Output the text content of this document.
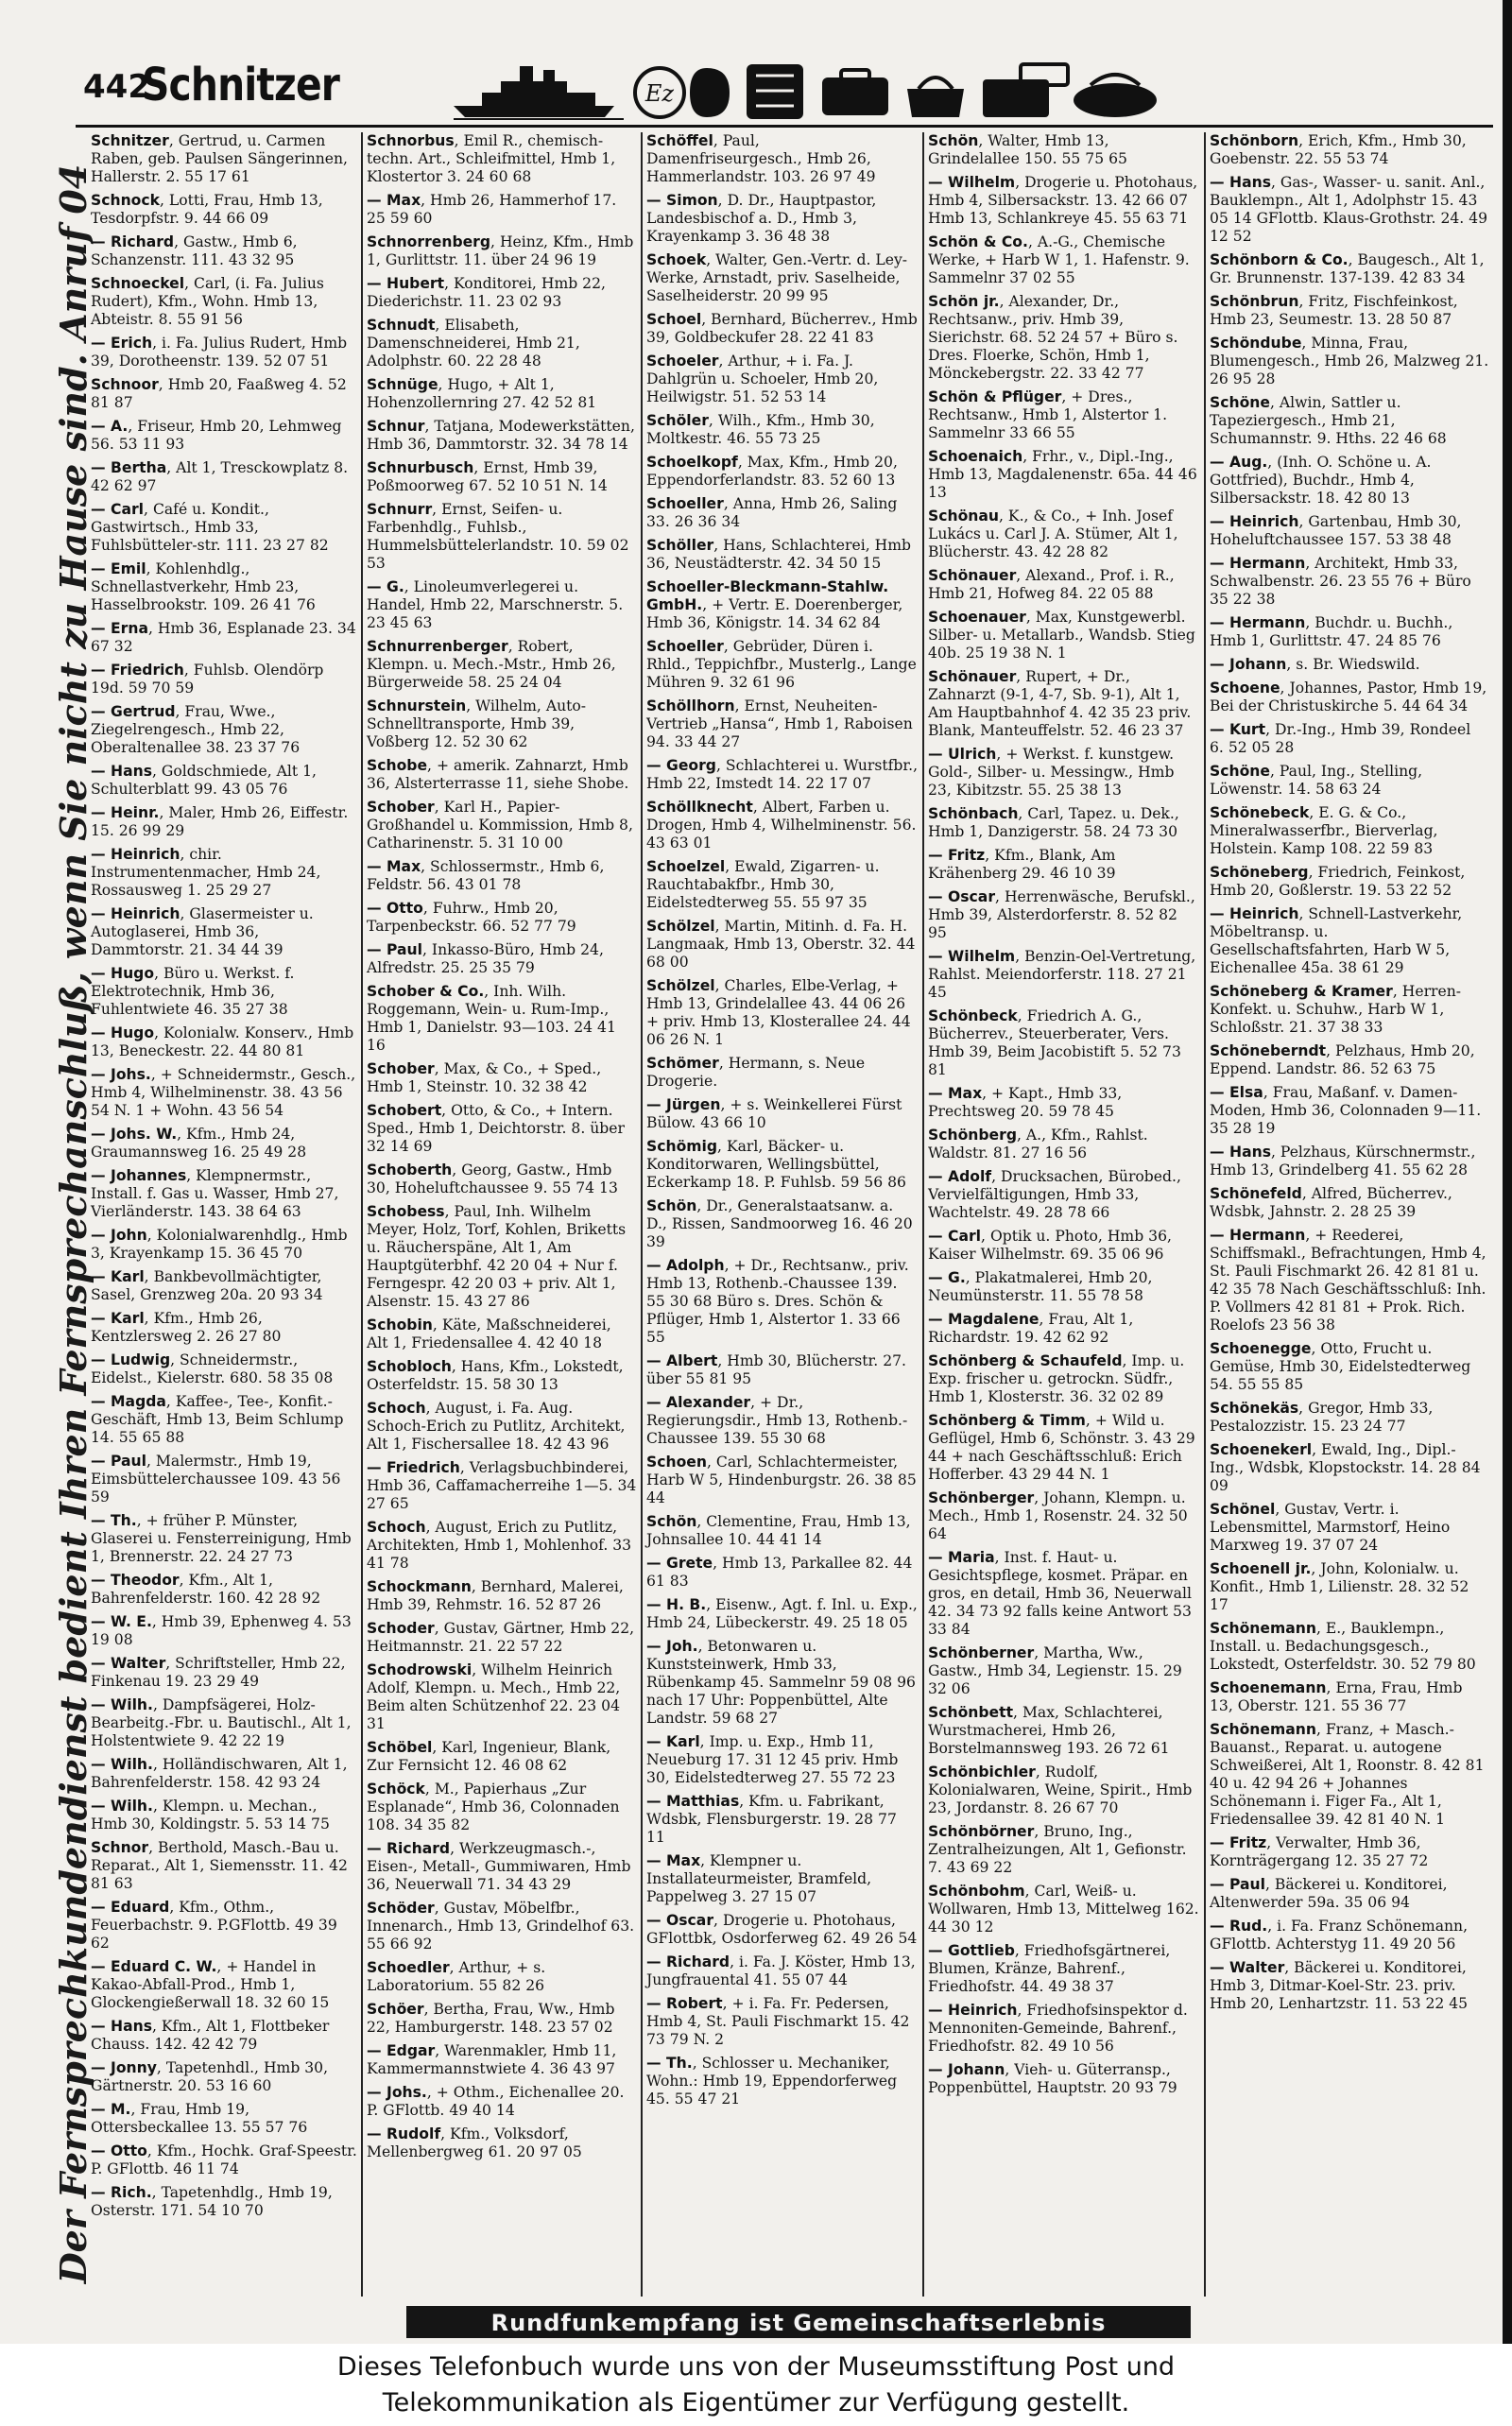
442
Schnitzer	Ez
Der Fernsprechkundendienst bedient Ihren Fernsprechanschluß, wenn Sie nicht zu Hause sind. Anruf 04
Schnitzer, Gertrud, u. Carmen Raben, geb. Paulsen Sängerinnen, Hallerstr. 2. 55 17 61
Schnock, Lotti, Frau, Hmb 13, Tesdorpfstr. 9. 44 66 09
— Richard, Gastw., Hmb 6, Schanzenstr. 111. 43 32 95
Schnoeckel, Carl, (i. Fa. Julius Rudert), Kfm., Wohn. Hmb 13, Abteistr. 8. 55 91 56
— Erich, i. Fa. Julius Rudert, Hmb 39, Dorotheenstr. 139. 52 07 51
Schnoor, Hmb 20, Faaßweg 4. 52 81 87
— A., Friseur, Hmb 20, Lehmweg 56. 53 11 93
— Bertha, Alt 1, Tresckowplatz 8. 42 62 97
— Carl, Café u. Kondit., Gastwirtsch., Hmb 33, Fuhlsbütteler-str. 111. 23 27 82
— Emil, Kohlenhdlg., Schnellastverkehr, Hmb 23, Hasselbrookstr. 109. 26 41 76
— Erna, Hmb 36, Esplanade 23. 34 67 32
— Friedrich, Fuhlsb. Olendörp 19d. 59 70 59
— Gertrud, Frau, Wwe., Ziegelrengesch., Hmb 22, Oberaltenallee 38. 23 37 76
— Hans, Goldschmiede, Alt 1, Schulterblatt 99. 43 05 76
— Heinr., Maler, Hmb 26, Eiffestr. 15. 26 99 29
— Heinrich, chir. Instrumentenmacher, Hmb 24, Rossausweg 1. 25 29 27
— Heinrich, Glasermeister u. Autoglaserei, Hmb 36, Dammtorstr. 21. 34 44 39
— Hugo, Büro u. Werkst. f. Elektrotechnik, Hmb 36, Fuhlentwiete 46. 35 27 38
— Hugo, Kolonialw. Konserv., Hmb 13, Beneckestr. 22. 44 80 81
— Johs., + Schneidermstr., Gesch., Hmb 4, Wilhelminenstr. 38. 43 56 54 N. 1 + Wohn. 43 56 54
— Johs. W., Kfm., Hmb 24, Graumannsweg 16. 25 49 28
— Johannes, Klempnermstr., Install. f. Gas u. Wasser, Hmb 27, Vierländerstr. 143. 38 64 63
— John, Kolonialwarenhdlg., Hmb 3, Krayenkamp 15. 36 45 70
— Karl, Bankbevollmächtigter, Sasel, Grenzweg 20a. 20 93 34
— Karl, Kfm., Hmb 26, Kentzlersweg 2. 26 27 80
— Ludwig, Schneidermstr., Eidelst., Kielerstr. 680. 58 35 08
— Magda, Kaffee-, Tee-, Konfit.-Geschäft, Hmb 13, Beim Schlump 14. 55 65 88
— Paul, Malermstr., Hmb 19, Eimsbüttelerchaussee 109. 43 56 59
— Th., + früher P. Münster, Glaserei u. Fensterreinigung, Hmb 1, Brennerstr. 22. 24 27 73
— Theodor, Kfm., Alt 1, Bahrenfelderstr. 160. 42 28 92
— W. E., Hmb 39, Ephenweg 4. 53 19 08
— Walter, Schriftsteller, Hmb 22, Finkenau 19. 23 29 49
— Wilh., Dampfsägerei, Holz-Bearbeitg.-Fbr. u. Bautischl., Alt 1, Holstentwiete 9. 42 22 19
— Wilh., Holländischwaren, Alt 1, Bahrenfelderstr. 158. 42 93 24
— Wilh., Klempn. u. Mechan., Hmb 30, Koldingstr. 5. 53 14 75
Schnor, Berthold, Masch.-Bau u. Reparat., Alt 1, Siemensstr. 11. 42 81 63
— Eduard, Kfm., Othm., Feuerbachstr. 9. P.GFlottb. 49 39 62
— Eduard C. W., + Handel in Kakao-Abfall-Prod., Hmb 1, Glockengießerwall 18. 32 60 15
— Hans, Kfm., Alt 1, Flottbeker Chauss. 142. 42 42 79
— Jonny, Tapetenhdl., Hmb 30, Gärtnerstr. 20. 53 16 60
— M., Frau, Hmb 19, Ottersbeckallee 13. 55 57 76
— Otto, Kfm., Hochk. Graf-Speestr. P. GFlottb. 46 11 74
— Rich., Tapetenhdlg., Hmb 19, Osterstr. 171. 54 10 70
Schnorbus, Emil R., chemisch-techn. Art., Schleifmittel, Hmb 1, Klostertor 3. 24 60 68
— Max, Hmb 26, Hammerhof 17. 25 59 60
Schnorrenberg, Heinz, Kfm., Hmb 1, Gurlittstr. 11. über 24 96 19
— Hubert, Konditorei, Hmb 22, Diederichstr. 11. 23 02 93
Schnudt, Elisabeth, Damenschneiderei, Hmb 21, Adolphstr. 60. 22 28 48
Schnüge, Hugo, + Alt 1, Hohenzollernring 27. 42 52 81
Schnur, Tatjana, Modewerkstätten, Hmb 36, Dammtorstr. 32. 34 78 14
Schnurbusch, Ernst, Hmb 39, Poßmoorweg 67. 52 10 51 N. 14
Schnurr, Ernst, Seifen- u. Farbenhdlg., Fuhlsb., Hummelsbüttelerlandstr. 10. 59 02 53
— G., Linoleumverlegerei u. Handel, Hmb 22, Marschnerstr. 5. 23 45 63
Schnurrenberger, Robert, Klempn. u. Mech.-Mstr., Hmb 26, Bürgerweide 58. 25 24 04
Schnurstein, Wilhelm, Auto-Schnelltransporte, Hmb 39, Voßberg 12. 52 30 62
Schobe, + amerik. Zahnarzt, Hmb 36, Alsterterrasse 11, siehe Shobe.
Schober, Karl H., Papier-Großhandel u. Kommission, Hmb 8, Catharinenstr. 5. 31 10 00
— Max, Schlossermstr., Hmb 6, Feldstr. 56. 43 01 78
— Otto, Fuhrw., Hmb 20, Tarpenbeckstr. 66. 52 77 79
— Paul, Inkasso-Büro, Hmb 24, Alfredstr. 25. 25 35 79
Schober & Co., Inh. Wilh. Roggemann, Wein- u. Rum-Imp., Hmb 1, Danielstr. 93—103. 24 41 16
Schober, Max, & Co., + Sped., Hmb 1, Steinstr. 10. 32 38 42
Schobert, Otto, & Co., + Intern. Sped., Hmb 1, Deichtorstr. 8. über 32 14 69
Schoberth, Georg, Gastw., Hmb 30, Hoheluftchaussee 9. 55 74 13
Schobess, Paul, Inh. Wilhelm Meyer, Holz, Torf, Kohlen, Briketts u. Räucherspäne, Alt 1, Am Hauptgüterbhf. 42 20 04 + Nur f. Ferngespr. 42 20 03 + priv. Alt 1, Alsenstr. 15. 43 27 86
Schobin, Käte, Maßschneiderei, Alt 1, Friedensallee 4. 42 40 18
Schobloch, Hans, Kfm., Lokstedt, Osterfeldstr. 15. 58 30 13
Schoch, August, i. Fa. Aug. Schoch-Erich zu Putlitz, Architekt, Alt 1, Fischersallee 18. 42 43 96
— Friedrich, Verlagsbuchbinderei, Hmb 36, Caffamacherreihe 1—5. 34 27 65
Schoch, August, Erich zu Putlitz, Architekten, Hmb 1, Mohlenhof. 33 41 78
Schockmann, Bernhard, Malerei, Hmb 39, Rehmstr. 16. 52 87 26
Schoder, Gustav, Gärtner, Hmb 22, Heitmannstr. 21. 22 57 22
Schodrowski, Wilhelm Heinrich Adolf, Klempn. u. Mech., Hmb 22, Beim alten Schützenhof 22. 23 04 31
Schöbel, Karl, Ingenieur, Blank, Zur Fernsicht 12. 46 08 62
Schöck, M., Papierhaus „Zur Esplanade“, Hmb 36, Colonnaden 108. 34 35 82
— Richard, Werkzeugmasch.-, Eisen-, Metall-, Gummiwaren, Hmb 36, Neuerwall 71. 34 43 29
Schöder, Gustav, Möbelfbr., Innenarch., Hmb 13, Grindelhof 63. 55 66 92
Schoedler, Arthur, + s. Laboratorium. 55 82 26
Schöer, Bertha, Frau, Ww., Hmb 22, Hamburgerstr. 148. 23 57 02
— Edgar, Warenmakler, Hmb 11, Kammermannstwiete 4. 36 43 97
— Johs., + Othm., Eichenallee 20. P. GFlottb. 49 40 14
— Rudolf, Kfm., Volksdorf, Mellenbergweg 61. 20 97 05
Schöffel, Paul, Damenfriseurgesch., Hmb 26, Hammerlandstr. 103. 26 97 49
— Simon, D. Dr., Hauptpastor, Landesbischof a. D., Hmb 3, Krayenkamp 3. 36 48 38
Schoek, Walter, Gen.-Vertr. d. Ley-Werke, Arnstadt, priv. Saselheide, Saselheiderstr. 20 99 95
Schoel, Bernhard, Bücherrev., Hmb 39, Goldbeckufer 28. 22 41 83
Schoeler, Arthur, + i. Fa. J. Dahlgrün u. Schoeler, Hmb 20, Heilwigstr. 51. 52 53 14
Schöler, Wilh., Kfm., Hmb 30, Moltkestr. 46. 55 73 25
Schoelkopf, Max, Kfm., Hmb 20, Eppendorferlandstr. 83. 52 60 13
Schoeller, Anna, Hmb 26, Saling 33. 26 36 34
Schöller, Hans, Schlachterei, Hmb 36, Neustädterstr. 42. 34 50 15
Schoeller-Bleckmann-Stahlw. GmbH., + Vertr. E. Doerenberger, Hmb 36, Königstr. 14. 34 62 84
Schoeller, Gebrüder, Düren i. Rhld., Teppichfbr., Musterlg., Lange Mühren 9. 32 61 96
Schöllhorn, Ernst, Neuheiten-Vertrieb „Hansa“, Hmb 1, Raboisen 94. 33 44 27
— Georg, Schlachterei u. Wurstfbr., Hmb 22, Imstedt 14. 22 17 07
Schöllknecht, Albert, Farben u. Drogen, Hmb 4, Wilhelminenstr. 56. 43 63 01
Schoelzel, Ewald, Zigarren- u. Rauchtabakfbr., Hmb 30, Eidelstedterweg 55. 55 97 35
Schölzel, Martin, Mitinh. d. Fa. H. Langmaak, Hmb 13, Oberstr. 32. 44 68 00
Schölzel, Charles, Elbe-Verlag, + Hmb 13, Grindelallee 43. 44 06 26 + priv. Hmb 13, Klosterallee 24. 44 06 26 N. 1
Schömer, Hermann, s. Neue Drogerie.
— Jürgen, + s. Weinkellerei Fürst Bülow. 43 66 10
Schömig, Karl, Bäcker- u. Konditorwaren, Wellingsbüttel, Eckerkamp 18. P. Fuhlsb. 59 56 86
Schön, Dr., Generalstaatsanw. a. D., Rissen, Sandmoorweg 16. 46 20 39
— Adolph, + Dr., Rechtsanw., priv. Hmb 13, Rothenb.-Chaussee 139. 55 30 68 Büro s. Dres. Schön & Pflüger, Hmb 1, Alstertor 1. 33 66 55
— Albert, Hmb 30, Blücherstr. 27. über 55 81 95
— Alexander, + Dr., Regierungsdir., Hmb 13, Rothenb.-Chaussee 139. 55 30 68
Schoen, Carl, Schlachtermeister, Harb W 5, Hindenburgstr. 26. 38 85 44
Schön, Clementine, Frau, Hmb 13, Johnsallee 10. 44 41 14
— Grete, Hmb 13, Parkallee 82. 44 61 83
— H. B., Eisenw., Agt. f. Inl. u. Exp., Hmb 24, Lübeckerstr. 49. 25 18 05
— Joh., Betonwaren u. Kunststeinwerk, Hmb 33, Rübenkamp 45. Sammelnr 59 08 96 nach 17 Uhr: Poppenbüttel, Alte Landstr. 59 68 27
— Karl, Imp. u. Exp., Hmb 11, Neueburg 17. 31 12 45 priv. Hmb 30, Eidelstedterweg 27. 55 72 23
— Matthias, Kfm. u. Fabrikant, Wdsbk, Flensburgerstr. 19. 28 77 11
— Max, Klempner u. Installateurmeister, Bramfeld, Pappelweg 3. 27 15 07
— Oscar, Drogerie u. Photohaus, GFlottbk, Osdorferweg 62. 49 26 54
— Richard, i. Fa. J. Köster, Hmb 13, Jungfrauental 41. 55 07 44
— Robert, + i. Fa. Fr. Pedersen, Hmb 4, St. Pauli Fischmarkt 15. 42 73 79 N. 2
— Th., Schlosser u. Mechaniker, Wohn.: Hmb 19, Eppendorferweg 45. 55 47 21
Schön, Walter, Hmb 13, Grindelallee 150. 55 75 65
— Wilhelm, Drogerie u. Photohaus, Hmb 4, Silbersackstr. 13. 42 66 07 Hmb 13, Schlankreye 45. 55 63 71
Schön & Co., A.-G., Chemische Werke, + Harb W 1, 1. Hafenstr. 9. Sammelnr 37 02 55
Schön jr., Alexander, Dr., Rechtsanw., priv. Hmb 39, Sierichstr. 68. 52 24 57 + Büro s. Dres. Floerke, Schön, Hmb 1, Mönckebergstr. 22. 33 42 77
Schön & Pflüger, + Dres., Rechtsanw., Hmb 1, Alstertor 1. Sammelnr 33 66 55
Schoenaich, Frhr., v., Dipl.-Ing., Hmb 13, Magdalenenstr. 65a. 44 46 13
Schönau, K., & Co., + Inh. Josef Lukács u. Carl J. A. Stümer, Alt 1, Blücherstr. 43. 42 28 82
Schönauer, Alexand., Prof. i. R., Hmb 21, Hofweg 84. 22 05 88
Schoenauer, Max, Kunstgewerbl. Silber- u. Metallarb., Wandsb. Stieg 40b. 25 19 38 N. 1
Schönauer, Rupert, + Dr., Zahnarzt (9-1, 4-7, Sb. 9-1), Alt 1, Am Hauptbahnhof 4. 42 35 23 priv. Blank, Manteuffelstr. 52. 46 23 37
— Ulrich, + Werkst. f. kunstgew. Gold-, Silber- u. Messingw., Hmb 23, Kibitzstr. 55. 25 38 13
Schönbach, Carl, Tapez. u. Dek., Hmb 1, Danzigerstr. 58. 24 73 30
— Fritz, Kfm., Blank, Am Krähenberg 29. 46 10 39
— Oscar, Herrenwäsche, Berufskl., Hmb 39, Alsterdorferstr. 8. 52 82 95
— Wilhelm, Benzin-Oel-Vertretung, Rahlst. Meiendorferstr. 118. 27 21 45
Schönbeck, Friedrich A. G., Bücherrev., Steuerberater, Vers. Hmb 39, Beim Jacobistift 5. 52 73 81
— Max, + Kapt., Hmb 33, Prechtsweg 20. 59 78 45
Schönberg, A., Kfm., Rahlst. Waldstr. 81. 27 16 56
— Adolf, Drucksachen, Bürobed., Vervielfältigungen, Hmb 33, Wachtelstr. 49. 28 78 66
— Carl, Optik u. Photo, Hmb 36, Kaiser Wilhelmstr. 69. 35 06 96
— G., Plakatmalerei, Hmb 20, Neumünsterstr. 11. 55 78 58
— Magdalene, Frau, Alt 1, Richardstr. 19. 42 62 92
Schönberg & Schaufeld, Imp. u. Exp. frischer u. getrockn. Südfr., Hmb 1, Klosterstr. 36. 32 02 89
Schönberg & Timm, + Wild u. Geflügel, Hmb 6, Schönstr. 3. 43 29 44 + nach Geschäftsschluß: Erich Hofferber. 43 29 44 N. 1
Schönberger, Johann, Klempn. u. Mech., Hmb 1, Rosenstr. 24. 32 50 64
— Maria, Inst. f. Haut- u. Gesichtspflege, kosmet. Präpar. en gros, en detail, Hmb 36, Neuerwall 42. 34 73 92 falls keine Antwort 53 33 84
Schönberner, Martha, Ww., Gastw., Hmb 34, Legienstr. 15. 29 32 06
Schönbett, Max, Schlachterei, Wurstmacherei, Hmb 26, Borstelmannsweg 193. 26 72 61
Schönbichler, Rudolf, Kolonialwaren, Weine, Spirit., Hmb 23, Jordanstr. 8. 26 67 70
Schönbörner, Bruno, Ing., Zentralheizungen, Alt 1, Gefionstr. 7. 43 69 22
Schönbohm, Carl, Weiß- u. Wollwaren, Hmb 13, Mittelweg 162. 44 30 12
— Gottlieb, Friedhofsgärtnerei, Blumen, Kränze, Bahrenf., Friedhofstr. 44. 49 38 37
— Heinrich, Friedhofsinspektor d. Mennoniten-Gemeinde, Bahrenf., Friedhofstr. 82. 49 10 56
— Johann, Vieh- u. Güterransp., Poppenbüttel, Hauptstr. 20 93 79
Schönborn, Erich, Kfm., Hmb 30, Goebenstr. 22. 55 53 74
— Hans, Gas-, Wasser- u. sanit. Anl., Bauklempn., Alt 1, Adolphstr 15. 43 05 14 GFlottb. Klaus-Grothstr. 24. 49 12 52
Schönborn & Co., Baugesch., Alt 1, Gr. Brunnenstr. 137-139. 42 83 34
Schönbrun, Fritz, Fischfeinkost, Hmb 23, Seumestr. 13. 28 50 87
Schöndube, Minna, Frau, Blumengesch., Hmb 26, Malzweg 21. 26 95 28
Schöne, Alwin, Sattler u. Tapeziergesch., Hmb 21, Schumannstr. 9. Hths. 22 46 68
— Aug., (Inh. O. Schöne u. A. Gottfried), Buchdr., Hmb 4, Silbersackstr. 18. 42 80 13
— Heinrich, Gartenbau, Hmb 30, Hoheluftchaussee 157. 53 38 48
— Hermann, Architekt, Hmb 33, Schwalbenstr. 26. 23 55 76 + Büro 35 22 38
— Hermann, Buchdr. u. Buchh., Hmb 1, Gurlittstr. 47. 24 85 76
— Johann, s. Br. Wiedswild.
Schoene, Johannes, Pastor, Hmb 19, Bei der Christuskirche 5. 44 64 34
— Kurt, Dr.-Ing., Hmb 39, Rondeel 6. 52 05 28
Schöne, Paul, Ing., Stelling, Löwenstr. 14. 58 63 24
Schönebeck, E. G. & Co., Mineralwasserfbr., Bierverlag, Holstein. Kamp 108. 22 59 83
Schöneberg, Friedrich, Feinkost, Hmb 20, Goßlerstr. 19. 53 22 52
— Heinrich, Schnell-Lastverkehr, Möbeltransp. u. Gesellschaftsfahrten, Harb W 5, Eichenallee 45a. 38 61 29
Schöneberg & Kramer, Herren-Konfekt. u. Schuhw., Harb W 1, Schloßstr. 21. 37 38 33
Schöneberndt, Pelzhaus, Hmb 20, Eppend. Landstr. 86. 52 63 75
— Elsa, Frau, Maßanf. v. Damen-Moden, Hmb 36, Colonnaden 9—11. 35 28 19
— Hans, Pelzhaus, Kürschnermstr., Hmb 13, Grindelberg 41. 55 62 28
Schönefeld, Alfred, Bücherrev., Wdsbk, Jahnstr. 2. 28 25 39
— Hermann, + Reederei, Schiffsmakl., Befrachtungen, Hmb 4, St. Pauli Fischmarkt 26. 42 81 81 u. 42 35 78 Nach Geschäftsschluß: Inh. P. Vollmers 42 81 81 + Prok. Rich. Roelofs 23 56 38
Schoenegge, Otto, Frucht u. Gemüse, Hmb 30, Eidelstedterweg 54. 55 55 85
Schönekäs, Gregor, Hmb 33, Pestalozzistr. 15. 23 24 77
Schoenekerl, Ewald, Ing., Dipl.-Ing., Wdsbk, Klopstockstr. 14. 28 84 09
Schönel, Gustav, Vertr. i. Lebensmittel, Marmstorf, Heino Marxweg 19. 37 07 24
Schoenell jr., John, Kolonialw. u. Konfit., Hmb 1, Lilienstr. 28. 32 52 17
Schönemann, E., Bauklempn., Install. u. Bedachungsgesch., Lokstedt, Osterfeldstr. 30. 52 79 80
Schoenemann, Erna, Frau, Hmb 13, Oberstr. 121. 55 36 77
Schönemann, Franz, + Masch.-Bauanst., Reparat. u. autogene Schweißerei, Alt 1, Roonstr. 8. 42 81 40 u. 42 94 26 + Johannes Schönemann i. Figer Fa., Alt 1, Friedensallee 39. 42 81 40 N. 1
— Fritz, Verwalter, Hmb 36, Kornträgergang 12. 35 27 72
— Paul, Bäckerei u. Konditorei, Altenwerder 59a. 35 06 94
— Rud., i. Fa. Franz Schönemann, GFlottb. Achterstyg 11. 49 20 56
— Walter, Bäckerei u. Konditorei, Hmb 3, Ditmar-Koel-Str. 23. priv. Hmb 20, Lenhartzstr. 11. 53 22 45
Rundfunkempfang ist Gemeinschaftserlebnis
Dieses Telefonbuch wurde uns von der Museumsstiftung Post und
Telekommunikation als Eigentümer zur Verfügung gestellt.
